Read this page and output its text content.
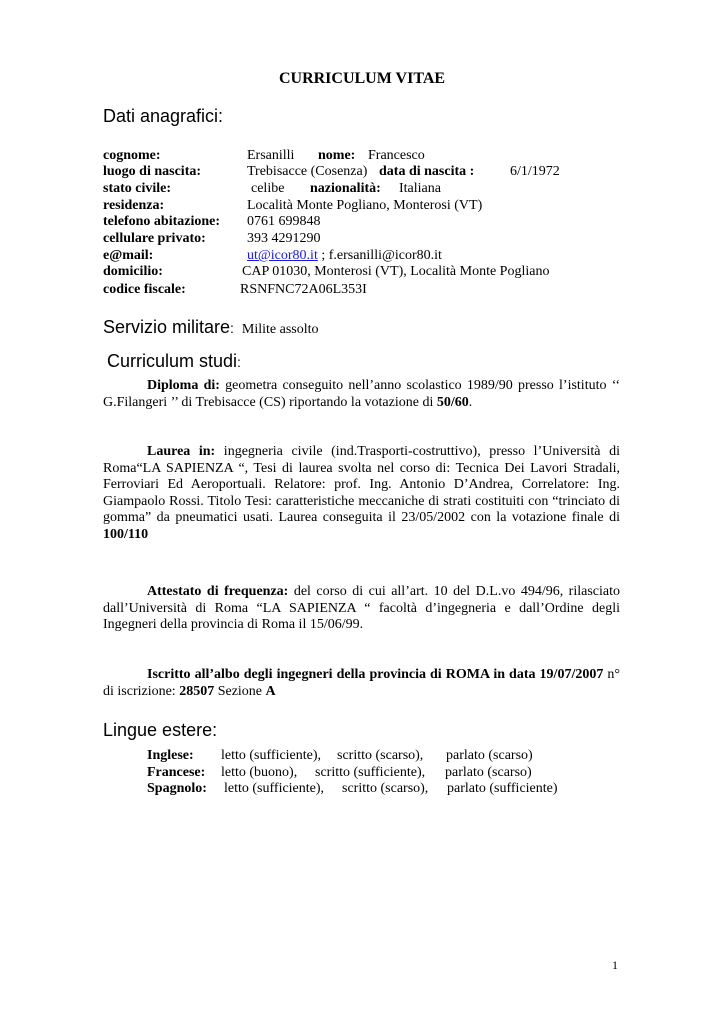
CURRICULUM VITAE
Dati anagrafici:
cognome:	Ersanilli nome: Francesco
luogo di nascita:	Trebisacce (Cosenza) data di nascita :	6/1/1972
stato civile:	celibe nazionalità: Italiana
residenza:	Località Monte Pogliano, Monterosi (VT)
telefono abitazione: 0761 699848
cellulare privato:	393 4291290
e@mail:	ut@icor80.it ; f.ersanilli@icor80.it
domicilio:	CAP 01030, Monterosi (VT), Località Monte Pogliano
codice fiscale:	RSNFNC72A06L353I
Servizio militare: Milite assolto
Curriculum studi:
Diploma di: geometra conseguito nell’anno scolastico 1989/90 presso l’istituto ‘‘ G.Filangeri ’’ di Trebisacce (CS) riportando la votazione di 50/60.
Laurea in: ingegneria civile (ind.Trasporti-costruttivo), presso l’Università di Roma“LA SAPIENZA “, Tesi di laurea svolta nel corso di: Tecnica Dei Lavori Stradali, Ferroviari Ed Aeroportuali. Relatore: prof. Ing. Antonio D’Andrea, Correlatore: Ing. Giampaolo Rossi. Titolo Tesi: caratteristiche meccaniche di strati costituiti con “trinciato di gomma” da pneumatici usati. Laurea conseguita il 23/05/2002 con la votazione finale di 100/110
Attestato di frequenza: del corso di cui all’art. 10 del D.L.vo 494/96, rilasciato dall’Università di Roma “LA SAPIENZA “ facoltà d’ingegneria e dall’Ordine degli Ingegneri della provincia di Roma il 15/06/99.
Iscritto all’albo degli ingegneri della provincia di ROMA in data 19/07/2007 n° di iscrizione: 28507 Sezione A
Lingue estere:
Inglese: letto (sufficiente), scritto (scarso), parlato (scarso)
Francese: letto (buono), scritto (sufficiente), parlato (scarso)
Spagnolo: letto (sufficiente), scritto (scarso), parlato (sufficiente)
1
